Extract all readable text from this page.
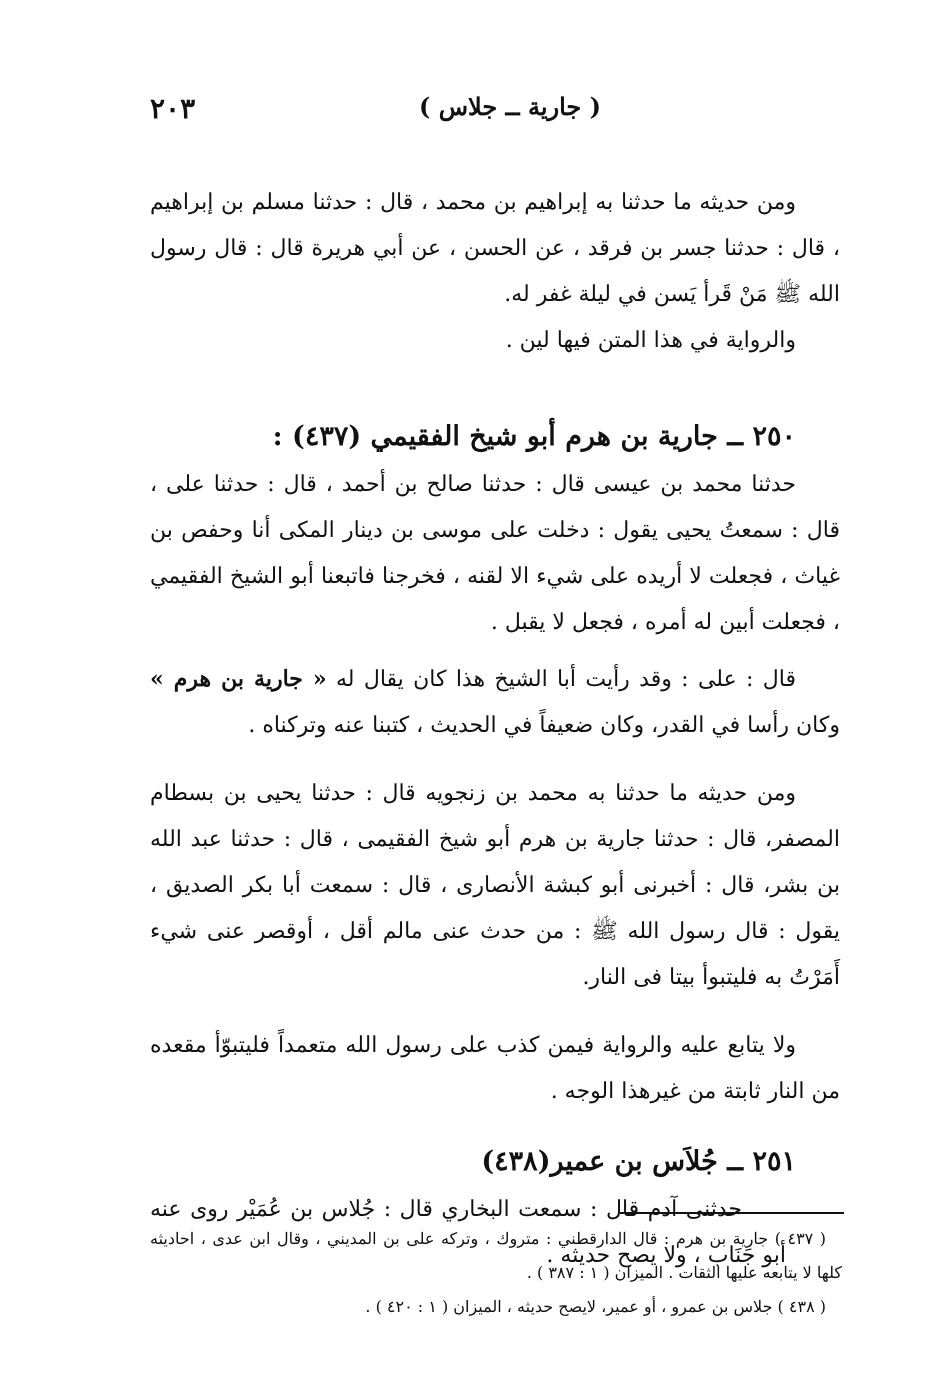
٢٠٣	( جارية ــ جلاس )

ومن حديثه ما حدثنا به إبراهيم بن محمد ، قال : حدثنا مسلم بن إبراهيم ، قال : حدثنا جسر بن فرقد ، عن الحسن ، عن أبي هريرة قال : قال رسول الله ﷺ مَنْ قَرأ يَسن في ليلة غفر له.

والرواية في هذا المتن فيها لين .

٢٥٠ ــ جارية بن هرم أبو شيخ الفقيمي (٤٣٧) :

حدثنا محمد بن عيسى قال : حدثنا صالح بن أحمد ، قال : حدثنا على ، قال : سمعتُ يحيى يقول : دخلت على موسى بن دينار المكى أنا وحفص بن غياث ، فجعلت لا أريده على شيء الا لقنه ، فخرجنا فاتبعنا أبو الشيخ الفقيمي ، فجعلت أبين له أمره ، فجعل لا يقبل .

قال : على : وقد رأيت أبا الشيخ هذا كان يقال له « جارية بن هرم » وكان رأسا في القدر، وكان ضعيفاً في الحديث ، كتبنا عنه وتركناه .

ومن حديثه ما حدثنا به محمد بن زنجويه قال : حدثنا يحيى بن بسطام المصفر، قال : حدثنا جارية بن هرم أبو شيخ الفقيمى ، قال : حدثنا عبد الله بن بشر، قال : أخبرنى أبو كبشة الأنصارى ، قال : سمعت أبا بكر الصديق ، يقول : قال رسول الله ﷺ : من حدث عنى مالم أقل ، أوقصر عنى شيء أَمَرْتُ به فليتبوأ بيتا فى النار.

ولا يتابع عليه والرواية فيمن كذب على رسول الله متعمداً فليتبوّأ مقعده من النار ثابتة من غيرهذا الوجه .

٢٥١ ــ جُلاَس بن عمير(٤٣٨)

حدثنى آدم قال : سمعت البخاري قال : جُلاس بن عُمَيْر روى عنه أبو جَنَاب ، ولا يصح حديثه .

( ٤٣٧ ) جارية بن هرم : قال الدارقطني : متروك ، وتركه على بن المديني ، وقال ابن عدى ، احاديثه كلها لا يتابعه عليها الثقات . الميزان ( ١ : ٣٨٧ ) .

( ٤٣٨ ) جلاس بن عمرو ، أو عمير، لايصح حديثه ، الميزان ( ١ : ٤٢٠ ) .
